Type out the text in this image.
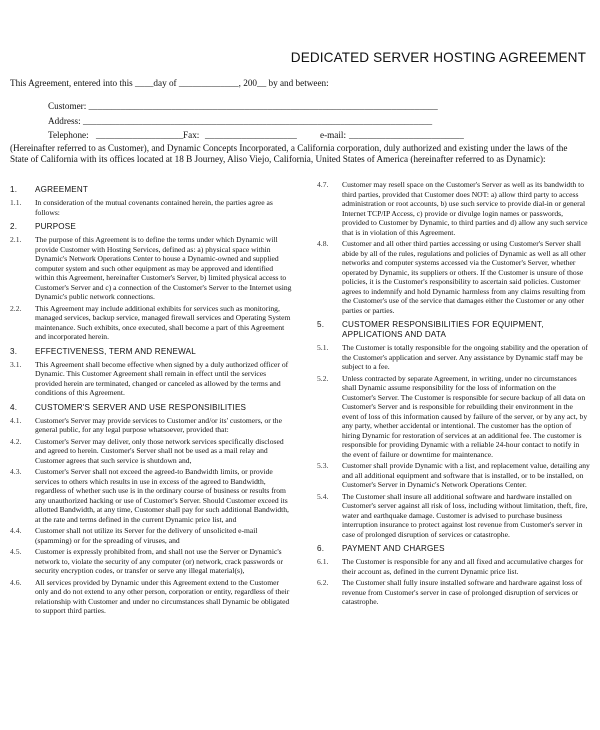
DEDICATED SERVER HOSTING AGREEMENT
This Agreement, entered into this ____day of _____________, 200__ by and between:
Customer: ____________________________________________________________________________
Address: ____________________________________________________________________________
Telephone: ___________________ Fax: ____________________	e-mail: _________________________
(Hereinafter referred to as Customer), and Dynamic Concepts Incorporated, a California corporation, duly authorized and existing under the laws of the State of California with its offices located at 18 B Journey, Aliso Viejo, California, United States of America (hereinafter referred to as Dynamic):
1.	AGREEMENT
1.1.	In consideration of the mutual covenants contained herein, the parties agree as follows:
2.	PURPOSE
2.1.	The purpose of this Agreement is to define the terms under which Dynamic will provide Customer with Hosting Services, defined as: a) physical space within Dynamic's Network Operations Center to house a Dynamic-owned and supplied computer system and such other equipment as may be approved and identified within this Agreement, hereinafter Customer's Server, b) limited physical access to Customer's Server and c) a connection of the Customer's Server to the Internet using Dynamic's public network connections.
2.2.	This Agreement may include additional exhibits for services such as monitoring, managed services, backup service, managed firewall services and Operating System maintenance. Such exhibits, once executed, shall become a part of this Agreement and incorporated herein.
3.	EFFECTIVENESS, TERM AND RENEWAL
3.1.	This Agreement shall become effective when signed by a duly authorized officer of Dynamic. This Customer Agreement shall remain in effect until the services provided herein are terminated, changed or canceled as allowed by the terms and conditions of this Agreement.
4.	CUSTOMER'S SERVER AND USE RESPONSIBILITIES
4.1.	Customer's Server may provide services to Customer and/or its' customers, or the general public, for any legal purpose whatsoever, provided that:
4.2.	Customer's Server may deliver, only those network services specifically disclosed and agreed to herein. Customer's Server shall not be used as a mail relay and Customer agrees that such service is shutdown and,
4.3.	Customer's Server shall not exceed the agreed-to Bandwidth limits, or provide services to others which results in use in excess of the agreed to Bandwidth, regardless of whether such use is in the ordinary course of business or results from any unauthorized hacking or use of Customer's Server. Should Customer exceed its allotted Bandwidth, at any time, Customer shall pay for such additional Bandwidth, at the rate and terms defined in the current Dynamic price list, and
4.4.	Customer shall not utilize its Server for the delivery of unsolicited e-mail (spamming) or for the spreading of viruses, and
4.5.	Customer is expressly prohibited from, and shall not use the Server or Dynamic's network to, violate the security of any computer (or) network, crack passwords or security encryption codes, or transfer or serve any illegal material(s),
4.6.	All services provided by Dynamic under this Agreement extend to the Customer only and do not extend to any other person, corporation or entity, regardless of their relationship with Customer and under no circumstances shall Dynamic be obligated to support third parties.
4.7.	Customer may resell space on the Customer's Server as well as its bandwidth to third parties, provided that Customer does NOT: a) allow third party to access administration or root accounts, b) use such service to provide dial-in or general Internet TCP/IP Access, c) provide or divulge login names or passwords, provided to Customer by Dynamic, to third parties and d) allow any such service that is in violation of this Agreement.
4.8.	Customer and all other third parties accessing or using Customer's Server shall abide by all of the rules, regulations and policies of Dynamic as well as all other networks and computer systems accessed via the Customer's Server, whether operated by Dynamic, its suppliers or others. If the Customer is unsure of those policies, it is the Customer's responsibility to ascertain said policies. Customer agrees to indemnify and hold Dynamic harmless from any claims resulting from the Customer's use of the service that damages either the Customer or any other parties or parties.
5.	CUSTOMER RESPONSIBILITIES FOR EQUIPMENT, APPLICATIONS AND DATA
5.1.	The Customer is totally responsible for the ongoing stability and the operation of the Customer's application and server. Any assistance by Dynamic staff may be subject to a fee.
5.2.	Unless contracted by separate Agreement, in writing, under no circumstances shall Dynamic assume responsibility for the loss of information on the Customer's Server. The Customer is responsible for secure backup of all data on Customer's Server and is responsible for rebuilding their environment in the event of loss of this information caused by failure of the server, or by any act, by any party, whether accidental or intentional. The customer has the option of hiring Dynamic for restoration of services at an additional fee. The customer is responsible for providing Dynamic with a reliable 24-hour contact to notify in the event of failure or downtime for maintenance.
5.3.	Customer shall provide Dynamic with a list, and replacement value, detailing any and all additional equipment and software that is installed, or to be installed, on Customer's Server in Dynamic's Network Operations Center.
5.4.	The Customer shall insure all additional software and hardware installed on Customer's server against all risk of loss, including without limitation, theft, fire, water and earthquake damage. Customer is advised to purchase business interruption insurance to protect against lost revenue from Customer's server in case of prolonged disruption of services or catastrophe.
6.	PAYMENT AND CHARGES
6.1.	The Customer is responsible for any and all fixed and accumulative charges for their account as, defined in the current Dynamic price list.
6.2.	The Customer shall fully insure installed software and hardware against loss of revenue from Customer's server in case of prolonged disruption of services or catastrophe.
